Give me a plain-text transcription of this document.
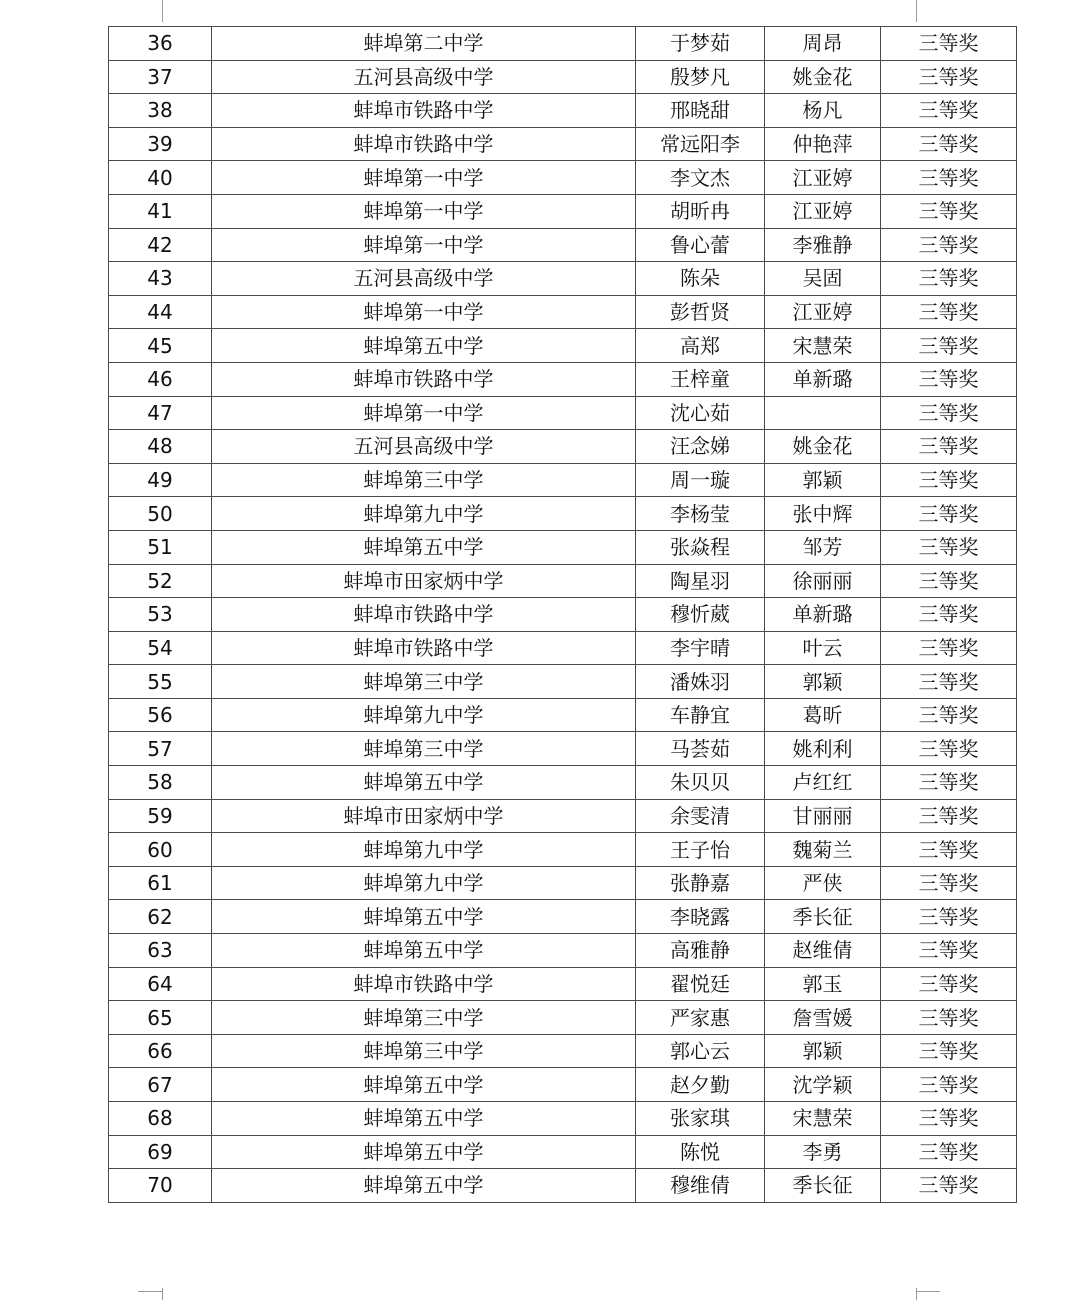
36	蚌埠第二中学	于梦茹	周昂	三等奖
37	五河县高级中学	殷梦凡	姚金花	三等奖
38	蚌埠市铁路中学	邢晓甜	杨凡	三等奖
39	蚌埠市铁路中学	常远阳李	仲艳萍	三等奖
40	蚌埠第一中学	李文杰	江亚婷	三等奖
41	蚌埠第一中学	胡昕冉	江亚婷	三等奖
42	蚌埠第一中学	鲁心蕾	李雅静	三等奖
43	五河县高级中学	陈朵	吴固	三等奖
44	蚌埠第一中学	彭哲贤	江亚婷	三等奖
45	蚌埠第五中学	高郑	宋慧荣	三等奖
46	蚌埠市铁路中学	王梓童	单新璐	三等奖
47	蚌埠第一中学	沈心茹		三等奖
48	五河县高级中学	汪念娣	姚金花	三等奖
49	蚌埠第三中学	周一璇	郭颖	三等奖
50	蚌埠第九中学	李杨莹	张中辉	三等奖
51	蚌埠第五中学	张焱程	邹芳	三等奖
52	蚌埠市田家炳中学	陶星羽	徐丽丽	三等奖
53	蚌埠市铁路中学	穆忻葳	单新璐	三等奖
54	蚌埠市铁路中学	李宇晴	叶云	三等奖
55	蚌埠第三中学	潘姝羽	郭颖	三等奖
56	蚌埠第九中学	车静宜	葛昕	三等奖
57	蚌埠第三中学	马荟茹	姚利利	三等奖
58	蚌埠第五中学	朱贝贝	卢红红	三等奖
59	蚌埠市田家炳中学	余雯清	甘丽丽	三等奖
60	蚌埠第九中学	王子怡	魏菊兰	三等奖
61	蚌埠第九中学	张静嘉	严侠	三等奖
62	蚌埠第五中学	李晓露	季长征	三等奖
63	蚌埠第五中学	高雅静	赵维倩	三等奖
64	蚌埠市铁路中学	翟悦廷	郭玉	三等奖
65	蚌埠第三中学	严家惠	詹雪媛	三等奖
66	蚌埠第三中学	郭心云	郭颖	三等奖
67	蚌埠第五中学	赵夕勤	沈学颖	三等奖
68	蚌埠第五中学	张家琪	宋慧荣	三等奖
69	蚌埠第五中学	陈悦	李勇	三等奖
70	蚌埠第五中学	穆维倩	季长征	三等奖
